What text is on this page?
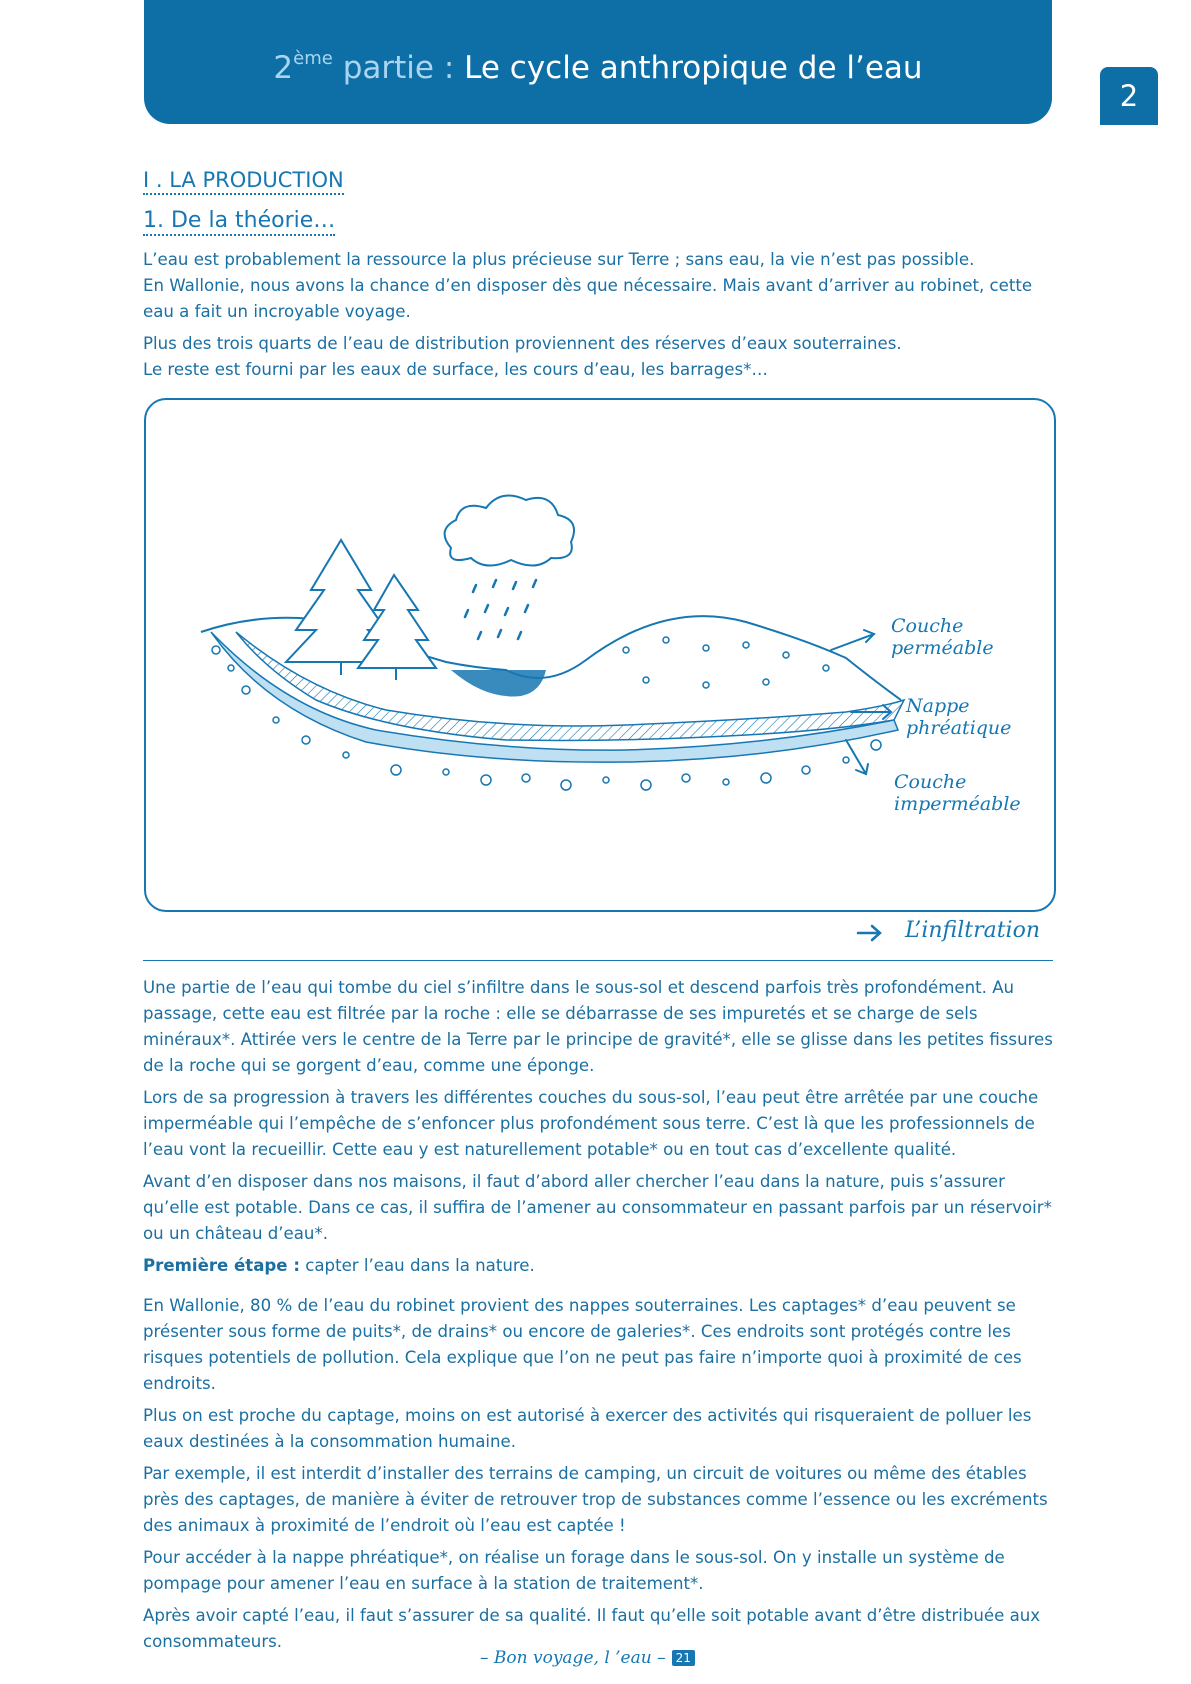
2ème partie : Le cycle anthropique de l’eau
2
I . LA PRODUCTION
1. De la théorie…

L’eau est probablement la ressource la plus précieuse sur Terre ; sans eau, la vie n’est pas possible.
En Wallonie, nous avons la chance d’en disposer dès que nécessaire. Mais avant d’arriver au robinet, cette eau a fait un incroyable voyage.

Plus des trois quarts de l’eau de distribution proviennent des réserves d’eaux souterraines.
Le reste est fourni par les eaux de surface, les cours d’eau, les barrages*…

Couche
perméable
Nappe
phréatique
Couche
imperméable
L’infiltration

Une partie de l’eau qui tombe du ciel s’infiltre dans le sous-sol et descend parfois très profondément. Au passage, cette eau est filtrée par la roche : elle se débarrasse de ses impuretés et se charge de sels minéraux*. Attirée vers le centre de la Terre par le principe de gravité*, elle se glisse dans les petites fissures de la roche qui se gorgent d’eau, comme une éponge.

Lors de sa progression à travers les différentes couches du sous-sol, l’eau peut être arrêtée par une couche imperméable qui l’empêche de s’enfoncer plus profondément sous terre. C’est là que les professionnels de l’eau vont la recueillir. Cette eau y est naturellement potable* ou en tout cas d’excellente qualité.

Avant d’en disposer dans nos maisons, il faut d’abord aller chercher l’eau dans la nature, puis s’assurer qu’elle est potable. Dans ce cas, il suffira de l’amener au consommateur en passant parfois par un réservoir* ou un château d’eau*.

Première étape : capter l’eau dans la nature.

En Wallonie, 80 % de l’eau du robinet provient des nappes souterraines. Les captages* d’eau peuvent se présenter sous forme de puits*, de drains* ou encore de galeries*. Ces endroits sont protégés contre les risques potentiels de pollution. Cela explique que l’on ne peut pas faire n’importe quoi à proximité de ces endroits.

Plus on est proche du captage, moins on est autorisé à exercer des activités qui risqueraient de polluer les eaux destinées à la consommation humaine.

Par exemple, il est interdit d’installer des terrains de camping, un circuit de voitures ou même des étables près des captages, de manière à éviter de retrouver trop de substances comme l’essence ou les excréments des animaux à proximité de l’endroit où l’eau est captée !

Pour accéder à la nappe phréatique*, on réalise un forage dans le sous-sol. On y installe un système de pompage pour amener l’eau en surface à la station de traitement*.

Après avoir capté l’eau, il faut s’assurer de sa qualité. Il faut qu’elle soit potable avant d’être distribuée aux consommateurs.

– Bon voyage, l ’eau – 21
